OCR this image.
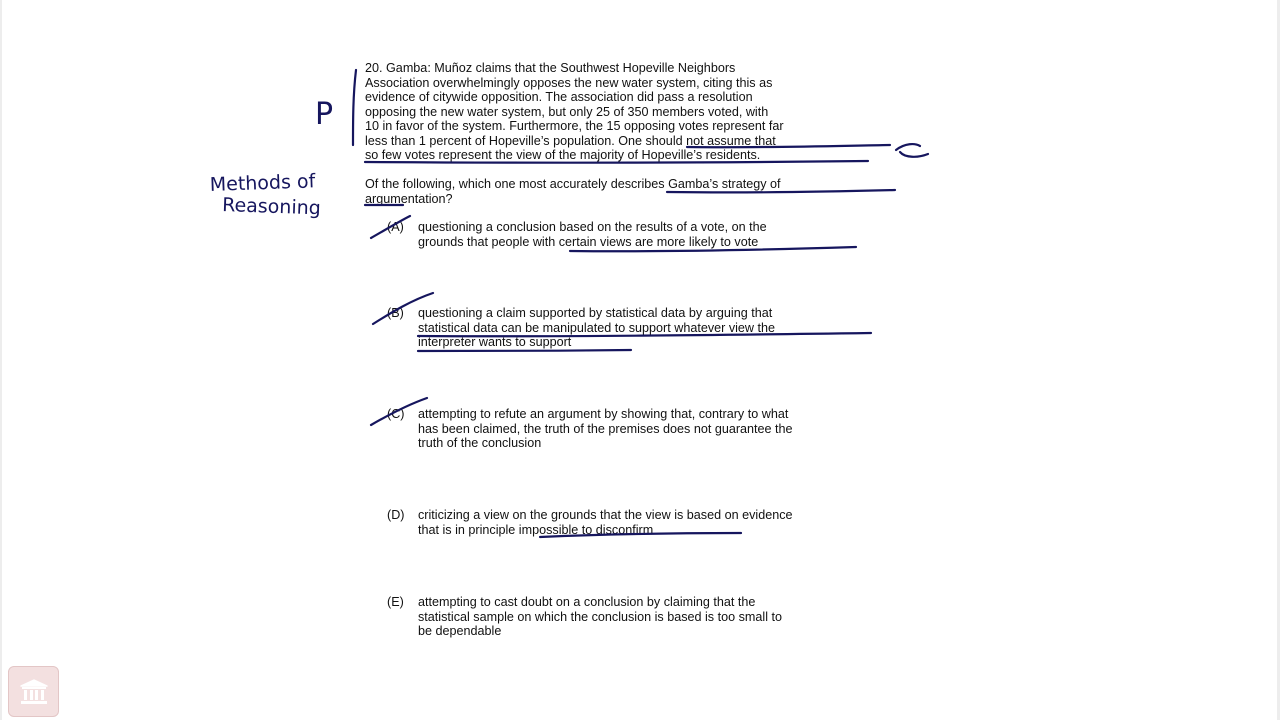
20. Gamba: Muñoz claims that the Southwest Hopeville Neighbors
Association overwhelmingly opposes the new water system, citing this as
evidence of citywide opposition. The association did pass a resolution
opposing the new water system, but only 25 of 350 members voted, with
10 in favor of the system. Furthermore, the 15 opposing votes represent far
less than 1 percent of Hopeville’s population. One should not assume that
so few votes represent the view of the majority of Hopeville’s residents.

Of the following, which one most accurately describes Gamba’s strategy of
argumentation?

(A)	questioning a conclusion based on the results of a vote, on the
grounds that people with certain views are more likely to vote

(B)	questioning a claim supported by statistical data by arguing that
statistical data can be manipulated to support whatever view the
interpreter wants to support

(C)	attempting to refute an argument by showing that, contrary to what
has been claimed, the truth of the premises does not guarantee the
truth of the conclusion

(D)	criticizing a view on the grounds that the view is based on evidence
that is in principle impossible to disconfirm

(E)	attempting to cast doubt on a conclusion by claiming that the
statistical sample on which the conclusion is based is too small to
be dependable

P
Methods of
Reasoning
